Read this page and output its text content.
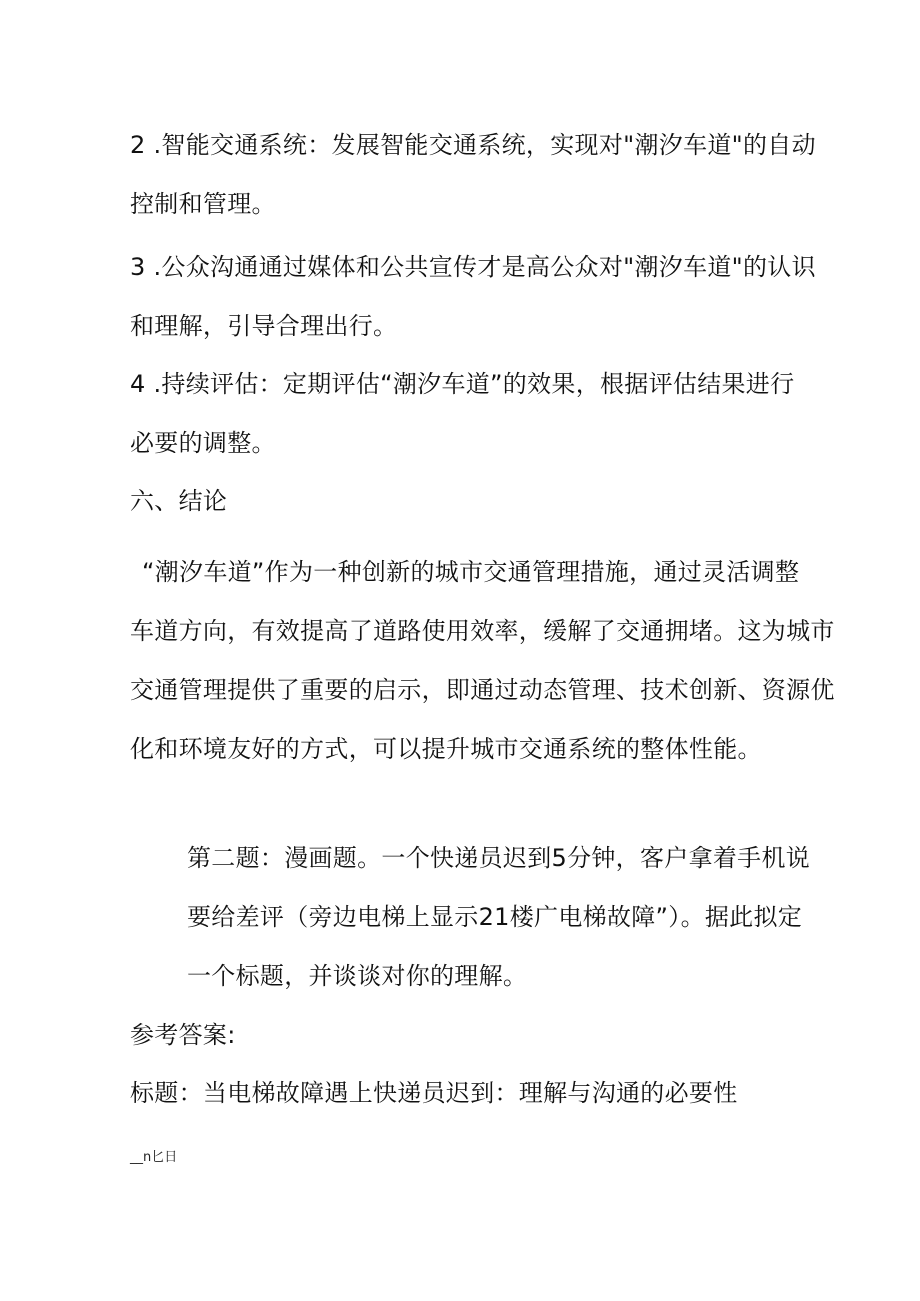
2 .智能交通系统：发展智能交通系统，实现对"潮汐车道"的自动
控制和管理。

3 .公众沟通通过媒体和公共宣传才是高公众对"潮汐车道"的认识
和理解，引导合理出行。

4 .持续评估：定期评估“潮汐车道”的效果，根据评估结果进行
必要的调整。

六、结论

“潮汐车道”作为一种创新的城市交通管理措施，通过灵活调整
车道方向，有效提高了道路使用效率，缓解了交通拥堵。这为城市
交通管理提供了重要的启示，即通过动态管理、技术创新、资源优
化和环境友好的方式，可以提升城市交通系统的整体性能。

第二题：漫画题。一个快递员迟到5分钟，客户拿着手机说
要给差评（旁边电梯上显示21楼广电梯故障”）。据此拟定
一个标题，并谈谈对你的理解。

参考答案:

标题：当电梯故障遇上快递员迟到：理解与沟通的必要性

__n匕日
